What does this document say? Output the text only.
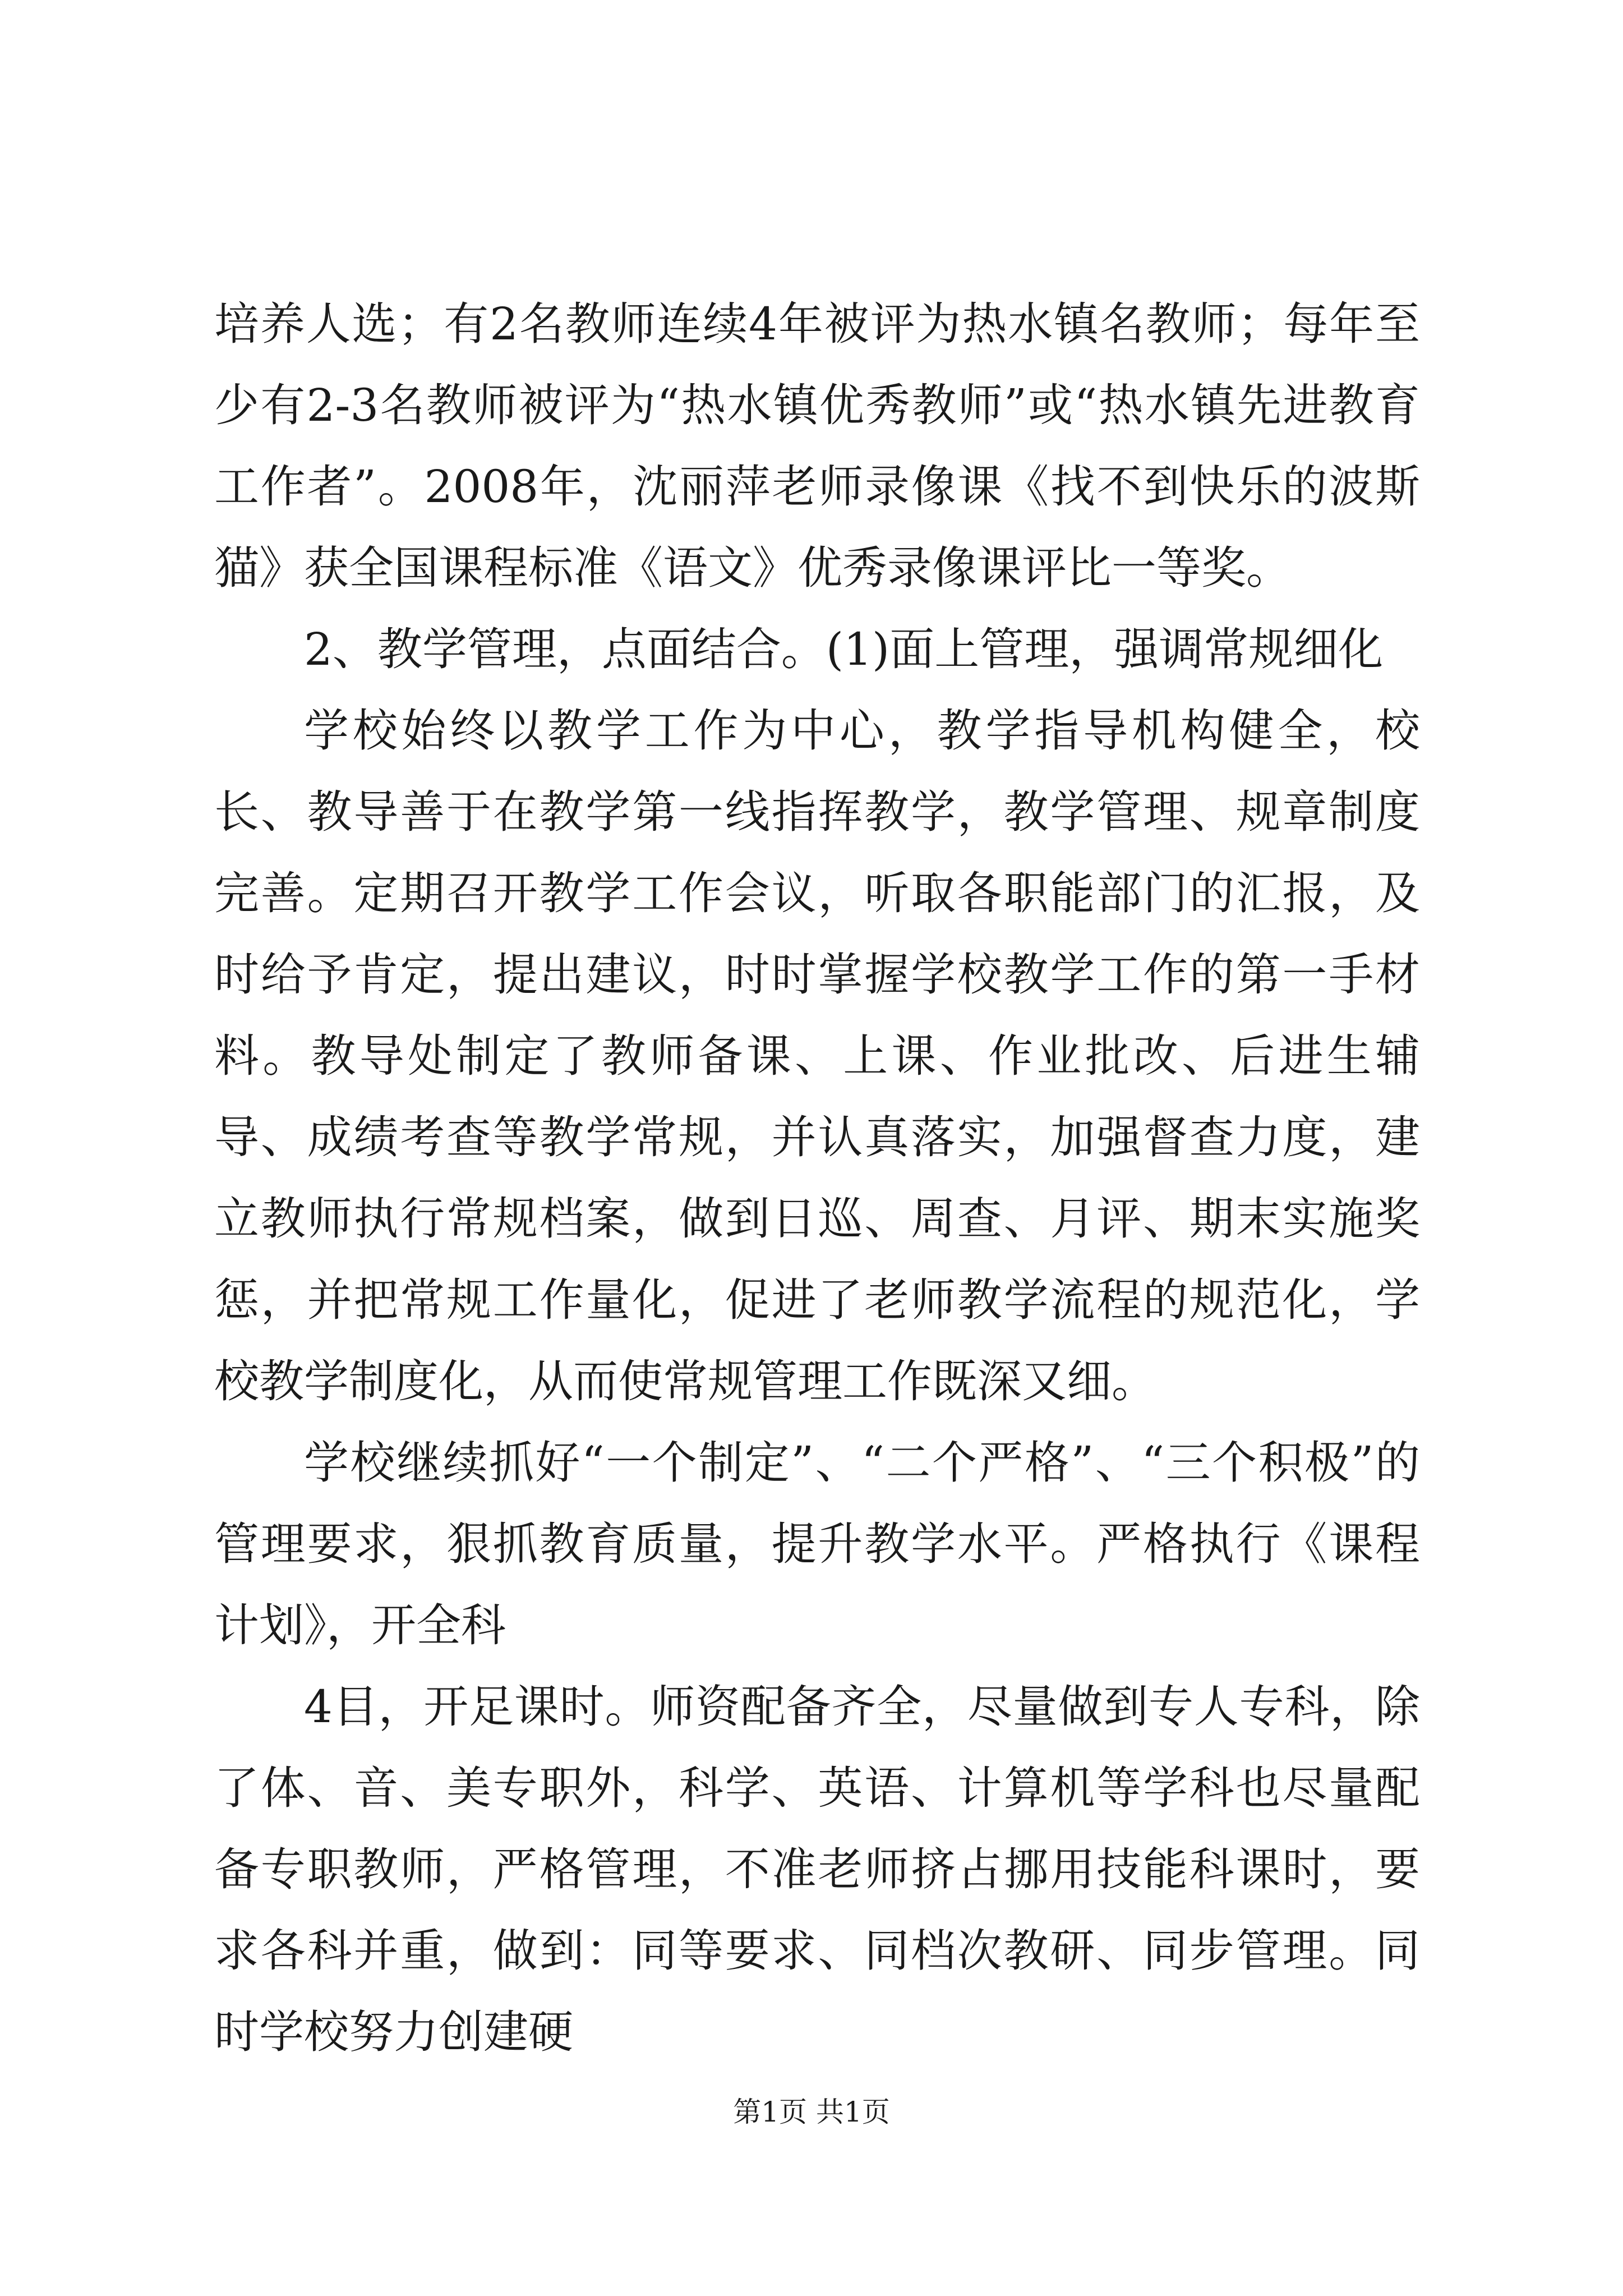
培养人选；有2名教师连续4年被评为热水镇名教师；每年至少有2-3名教师被评为“热水镇优秀教师”或“热水镇先进教育工作者”。2008年，沈丽萍老师录像课《找不到快乐的波斯猫》获全国课程标准《语文》优秀录像课评比一等奖。

2、教学管理，点面结合。(1)面上管理，强调常规细化

学校始终以教学工作为中心，教学指导机构健全，校长、教导善于在教学第一线指挥教学，教学管理、规章制度完善。定期召开教学工作会议，听取各职能部门的汇报，及时给予肯定，提出建议，时时掌握学校教学工作的第一手材料。教导处制定了教师备课、上课、作业批改、后进生辅导、成绩考查等教学常规，并认真落实，加强督查力度，建立教师执行常规档案，做到日巡、周查、月评、期末实施奖惩，并把常规工作量化，促进了老师教学流程的规范化，学校教学制度化，从而使常规管理工作既深又细。

学校继续抓好“一个制定”、“二个严格”、“三个积极”的管理要求，狠抓教育质量，提升教学水平。严格执行《课程计划》，开全科

4目，开足课时。师资配备齐全，尽量做到专人专科，除了体、音、美专职外，科学、英语、计算机等学科也尽量配备专职教师，严格管理，不准老师挤占挪用技能科课时，要求各科并重，做到：同等要求、同档次教研、同步管理。同时学校努力创建硬

第1页 共1页
